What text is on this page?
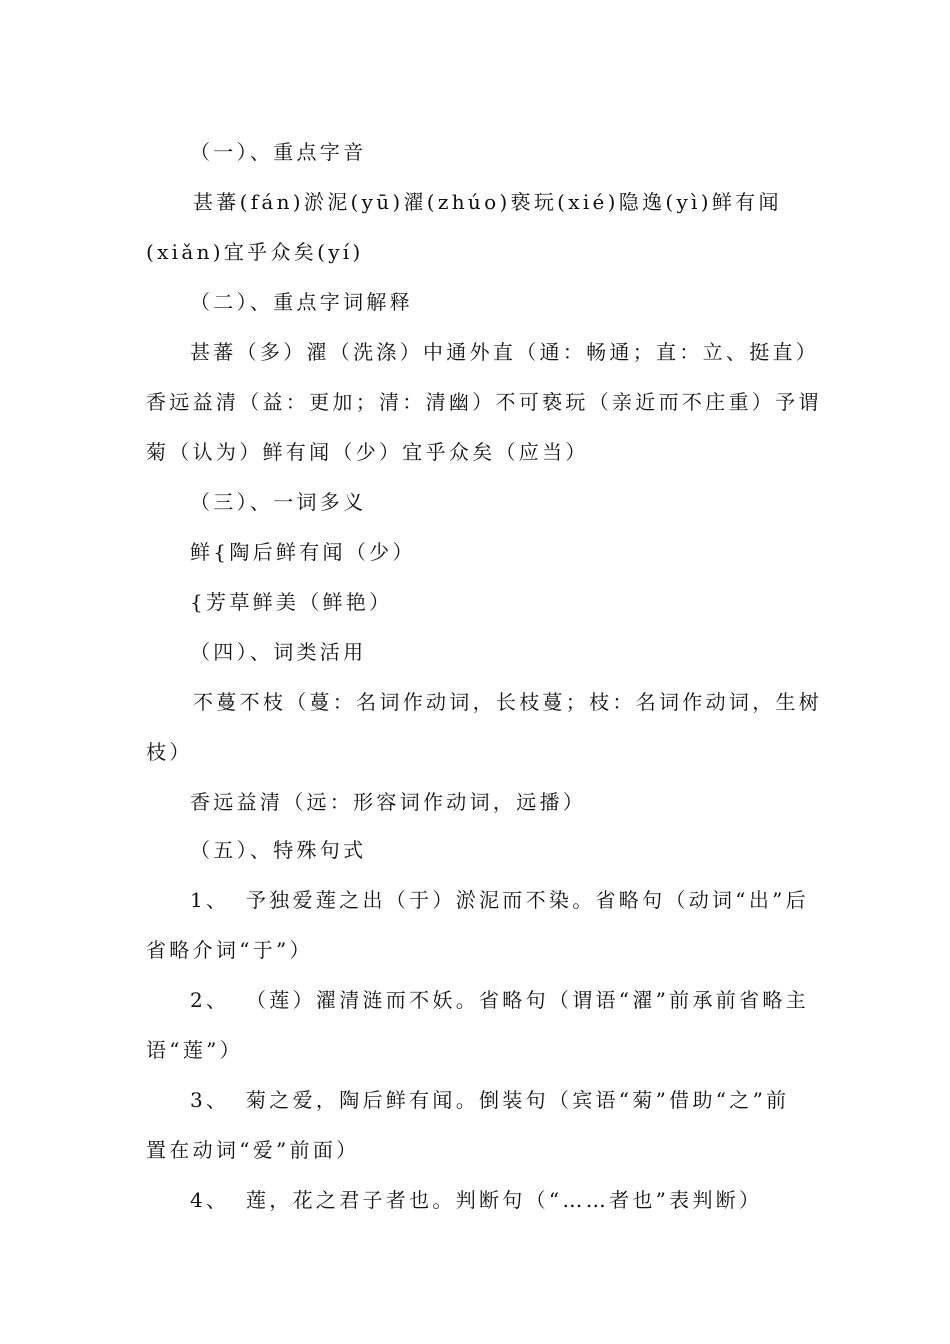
（一）、重点字音
甚蕃(fán)淤泥(yū)濯(zhúo)亵玩(xié)隐逸(yì)鲜有闻
(xiǎn)宜乎众矣(yí)
（二）、重点字词解释
甚蕃（多）濯（洗涤）中通外直（通：畅通；直：立、挺直）
香远益清（益：更加；清：清幽）不可亵玩（亲近而不庄重）予谓
菊（认为）鲜有闻（少）宜乎众矣（应当）
（三）、一词多义
鲜{陶后鲜有闻（少）
{芳草鲜美（鲜艳）
（四）、词类活用
不蔓不枝（蔓：名词作动词，长枝蔓；枝：名词作动词，生树
枝）
香远益清（远：形容词作动词，远播）
（五）、特殊句式
1、 予独爱莲之出（于）淤泥而不染。省略句（动词“出”后
省略介词“于”）
2、 （莲）濯清涟而不妖。省略句（谓语“濯”前承前省略主
语“莲”）
3、 菊之爱，陶后鲜有闻。倒装句（宾语“菊”借助“之”前
置在动词“爱”前面）
4、 莲，花之君子者也。判断句（“……者也”表判断）
